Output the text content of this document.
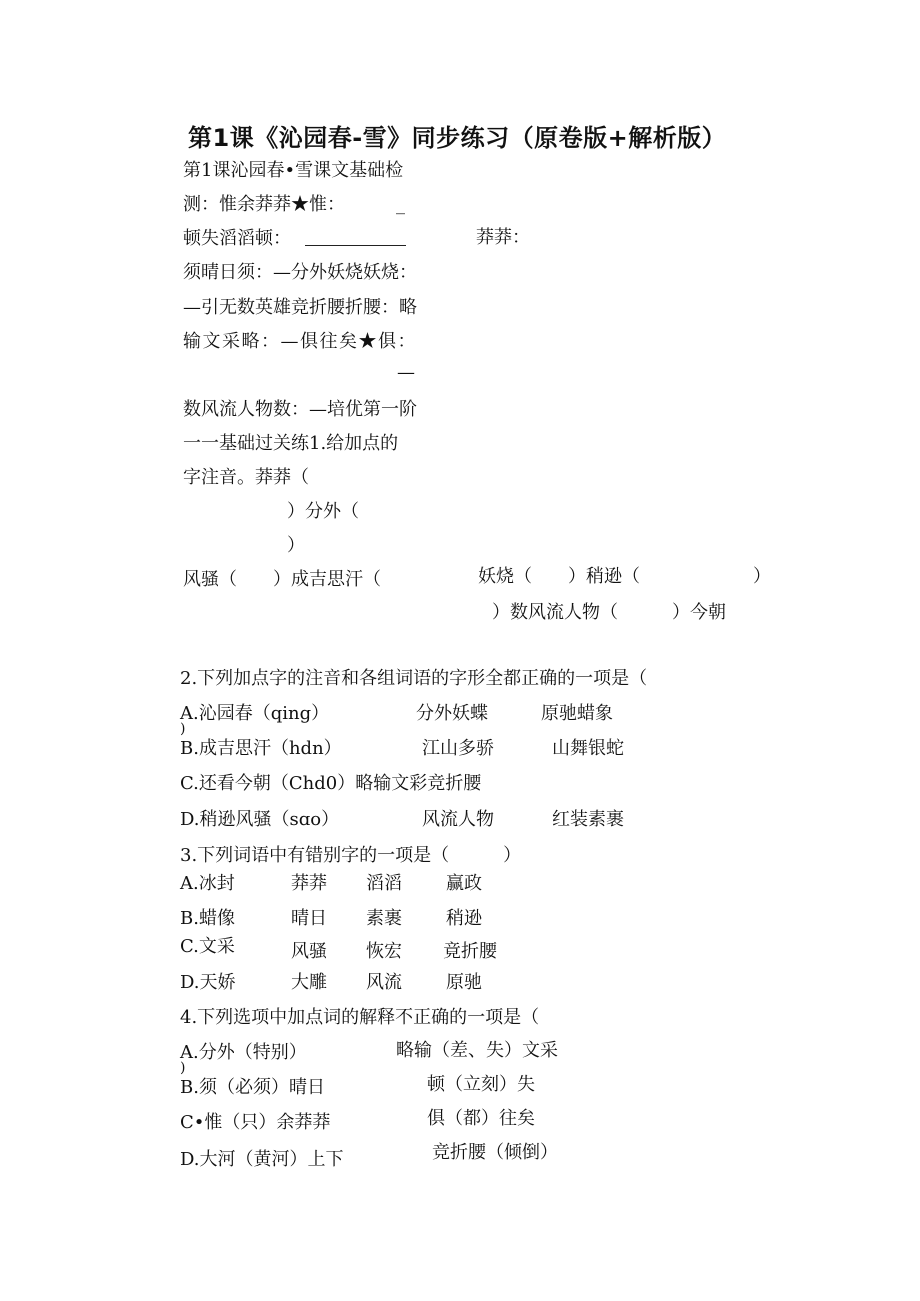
第1课《沁园春-雪》同步练习（原卷版+解析版）
第1课沁园春•雪课文基础检
测：惟余莽莽★惟：	_
顿失滔滔顿：	莽莽：
须晴日须：—分外妖烧妖烧：
—引无数英雄竞折腰折腰：略
输文采略：—俱往矣★俱：
—
数风流人物数：—培优第一阶
一一基础过关练1.给加点的
字注音。莽莽（
）分外（
）
风骚（　　）成吉思汗（	妖烧（　　）稍逊（	）
）数风流人物（　　　）今朝
2.下列加点字的注音和各组词语的字形全都正确的一项是（
A.沁园春（qing）	分外妖蝶	原驰蜡象
)
B.成吉思汗（hdn）	江山多骄	山舞银蛇
C.还看今朝（Chd0）略输文彩竞折腰
D.稍逊风骚（sɑo）	风流人物	红装素裹
3.下列词语中有错别字的一项是（　　　）
A.冰封	莽莽 滔滔 赢政
B.蜡像	晴日 素裹 稍逊
C.文采	风骚 恢宏 竟折腰
D.天娇	大雕 风流 原驰
4.下列选项中加点词的解释不正确的一项是（
A.分外（特别）	略输（差、失）文采
)
B.须（必须）晴日	顿（立刻）失
C•惟（只）余莽莽	俱（都）往矣
D.大河（黄河）上下	竞折腰（倾倒）
